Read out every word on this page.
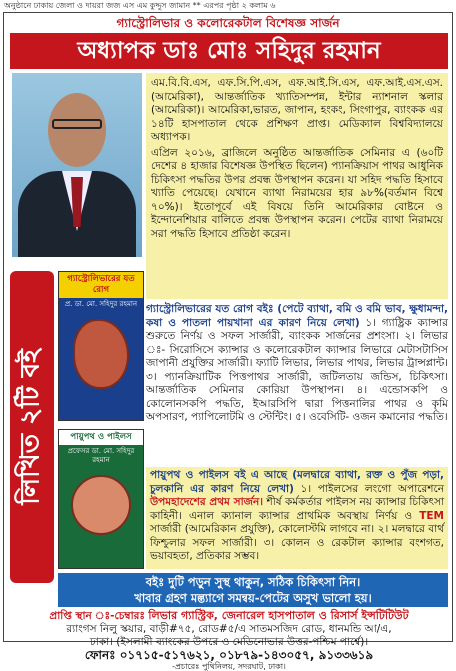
অনুষ্ঠানে ঢাকায় জেলা ও দায়রা জজ এস এম কুদ্দুস জামান ** এরপর পৃষ্ঠা ২ কলাম ৬
গ্যাস্ট্রোলিভার ও কলোরেকটাল বিশেষজ্ঞ সার্জন
অধ্যাপক ডাঃ মোঃ সহিদুর রহমান

এম.বি.বি.এস, এফ.সি.পি.এস, এফ.আই.সি.এস, এফ.আই.এস.এস.(আমেরিকা), আন্তর্জাতিক খ্যাতিসম্পন্ন, ইন্টার ন্যাশনাল স্কলার (আমেরিকা)। আমেরিকা,ভারত, জাপান, হংকং, সিংগাপুর, ব্যাংকক এর ১৪টি হাসপাতাল থেকে প্রশিক্ষণ প্রাপ্ত। মেডিক্যাল বিশ্ববিদ্যালয়ে অধ্যাপক।

এপ্রিল ২০১৬, ব্রাজিলে অনুষ্ঠিত আন্তর্জাতিক সেমিনার এ (৬০টি দেশের ৪ হাজার বিশেষজ্ঞ উপস্থিত ছিলেন) প্যানক্রিয়াস পাথর আধুনিক চিকিৎসা পদ্ধতির উপর প্রবন্ধ উপস্থাপন করেন। যা সহিদ পদ্ধতি হিসাবে খ্যাতি পেয়েছে। যেখানে ব্যাথা নিরাময়ের হার ৯৮%(বর্তমান বিশ্বে ৭০%)। ইতোপূর্বে এই বিষয়ে তিনি আমেরিকার বোষ্টনে ও ইন্দোনেশিয়ার বালিতে প্রবন্ধ উপস্থাপন করেন। পেটের ব্যাথা নিরাময়ে সরা পদ্ধতি হিসাবে প্রতিষ্ঠা করেন।

লিখিত ২টি বই
গ্যাস্ট্রোলিভারের যত রোগ
প্র. ডা. মো. সহিদুর রহমান
পায়ুপথ ও পাইলস
প্রফেসর ডা. মো. সহিদুর রহমান
গ্যাস্ট্রোলিভারের যত রোগ বইঃ (পেটে ব্যাথা, বমি ও বমি ভাব, ক্ষুধামন্দা, কষা ও পাতলা পায়খানা এর কারণ নিয়ে লেখা) ১। গ্যাষ্ট্রিক ক্যান্সার শুরুতে নির্ণয় ও সফল সার্জারী, ব্যাংকক সার্জনের প্রশংসা। ২। লিভার ঃ- সিরোসিসে ক্যান্সার ও কলোরেকটাল ক্যান্সার লিভারে মেটাসটাসিস জাপানী প্রযুক্তির সার্জারী। ফ্যাটি লিভার, লিভার পাথর, লিভার ট্রান্সপ্লান্ট। ৩। প্যানক্রিয়াটিক পিত্তপাথর সার্জারী, জটিলতায় জন্ডিস, চিকিৎসা। আন্তর্জাতিক সেমিনার কোরিয়া উপস্থাপন। ৪। এন্ডোসকপি ও কোলোনসকপি পদ্ধতি, ইআরসিপি দ্বারা পিত্তনালির পাথর ও কৃমি অপসারণ, প্যাপিলোটমি ও স্টেন্টিং। ৫। ওবেসিটি- ওজন কমানোর পদ্ধতি।
পায়ুপথ ও পাইলস বই এ আছে (মলদ্বারে ব্যাথা, রক্ত ও পুঁজ পড়া, চুলকানি এর কারণ নিয়ে লেখা) ১। পাইলসের লংগো অপারেশনে উপমহাদেশের প্রথম সার্জন। শীর্ষ কর্মকর্তার পাইলস নয় ক্যান্সার চিকিৎসা কাহিনী। এনাল ক্যানাল ক্যান্সার প্রাথমিক অবস্থায় নির্ণয় ও TEM সার্জারী (আমেরিকান প্রযুক্তি), কোলোস্টমি লাগবে না। ২। মলদ্বারে বার্থ ফিশ্চুলার সফল সার্জারী। ৩। কোলন ও রেকটাল ক্যান্সার বংশগত, ভয়াবহতা, প্রতিকার সম্ভব।
বইঃ দুটি পড়ুন সুস্থ থাকুন, সঠিক চিকিৎসা নিন।
খাবার গ্রহণ মল্ত্যাগে সমন্বয়-পেটের অসুখ ভালো হয়।
প্রাপ্তি স্থান ঃ-চেম্বারঃ লিভার গ্যাস্ট্রিক, জেনারেল হাসপাতাল ও রিসার্স ইন্সটিটিউট
র‌্যাংগস নিলু স্কয়ার, বাড়ী#৭৫, রোড#৫/এ সাতমসজিদ রোড, ধানমন্ডি আ/এ,
ঢাকা। (ইসলামী ব্যাংকের উপরে ও মেডিনোভার উত্তর-পশ্চিম পার্শ্বে)।
ফোনঃ ০১৭১৫-৫১৭৬২১, ০১৮৭৯-১৪৩০৫৭, ৯১৩৩৬১৯
-প্রচারেঃ পুথিনিলয়, সদরঘাট, ঢাকা।
